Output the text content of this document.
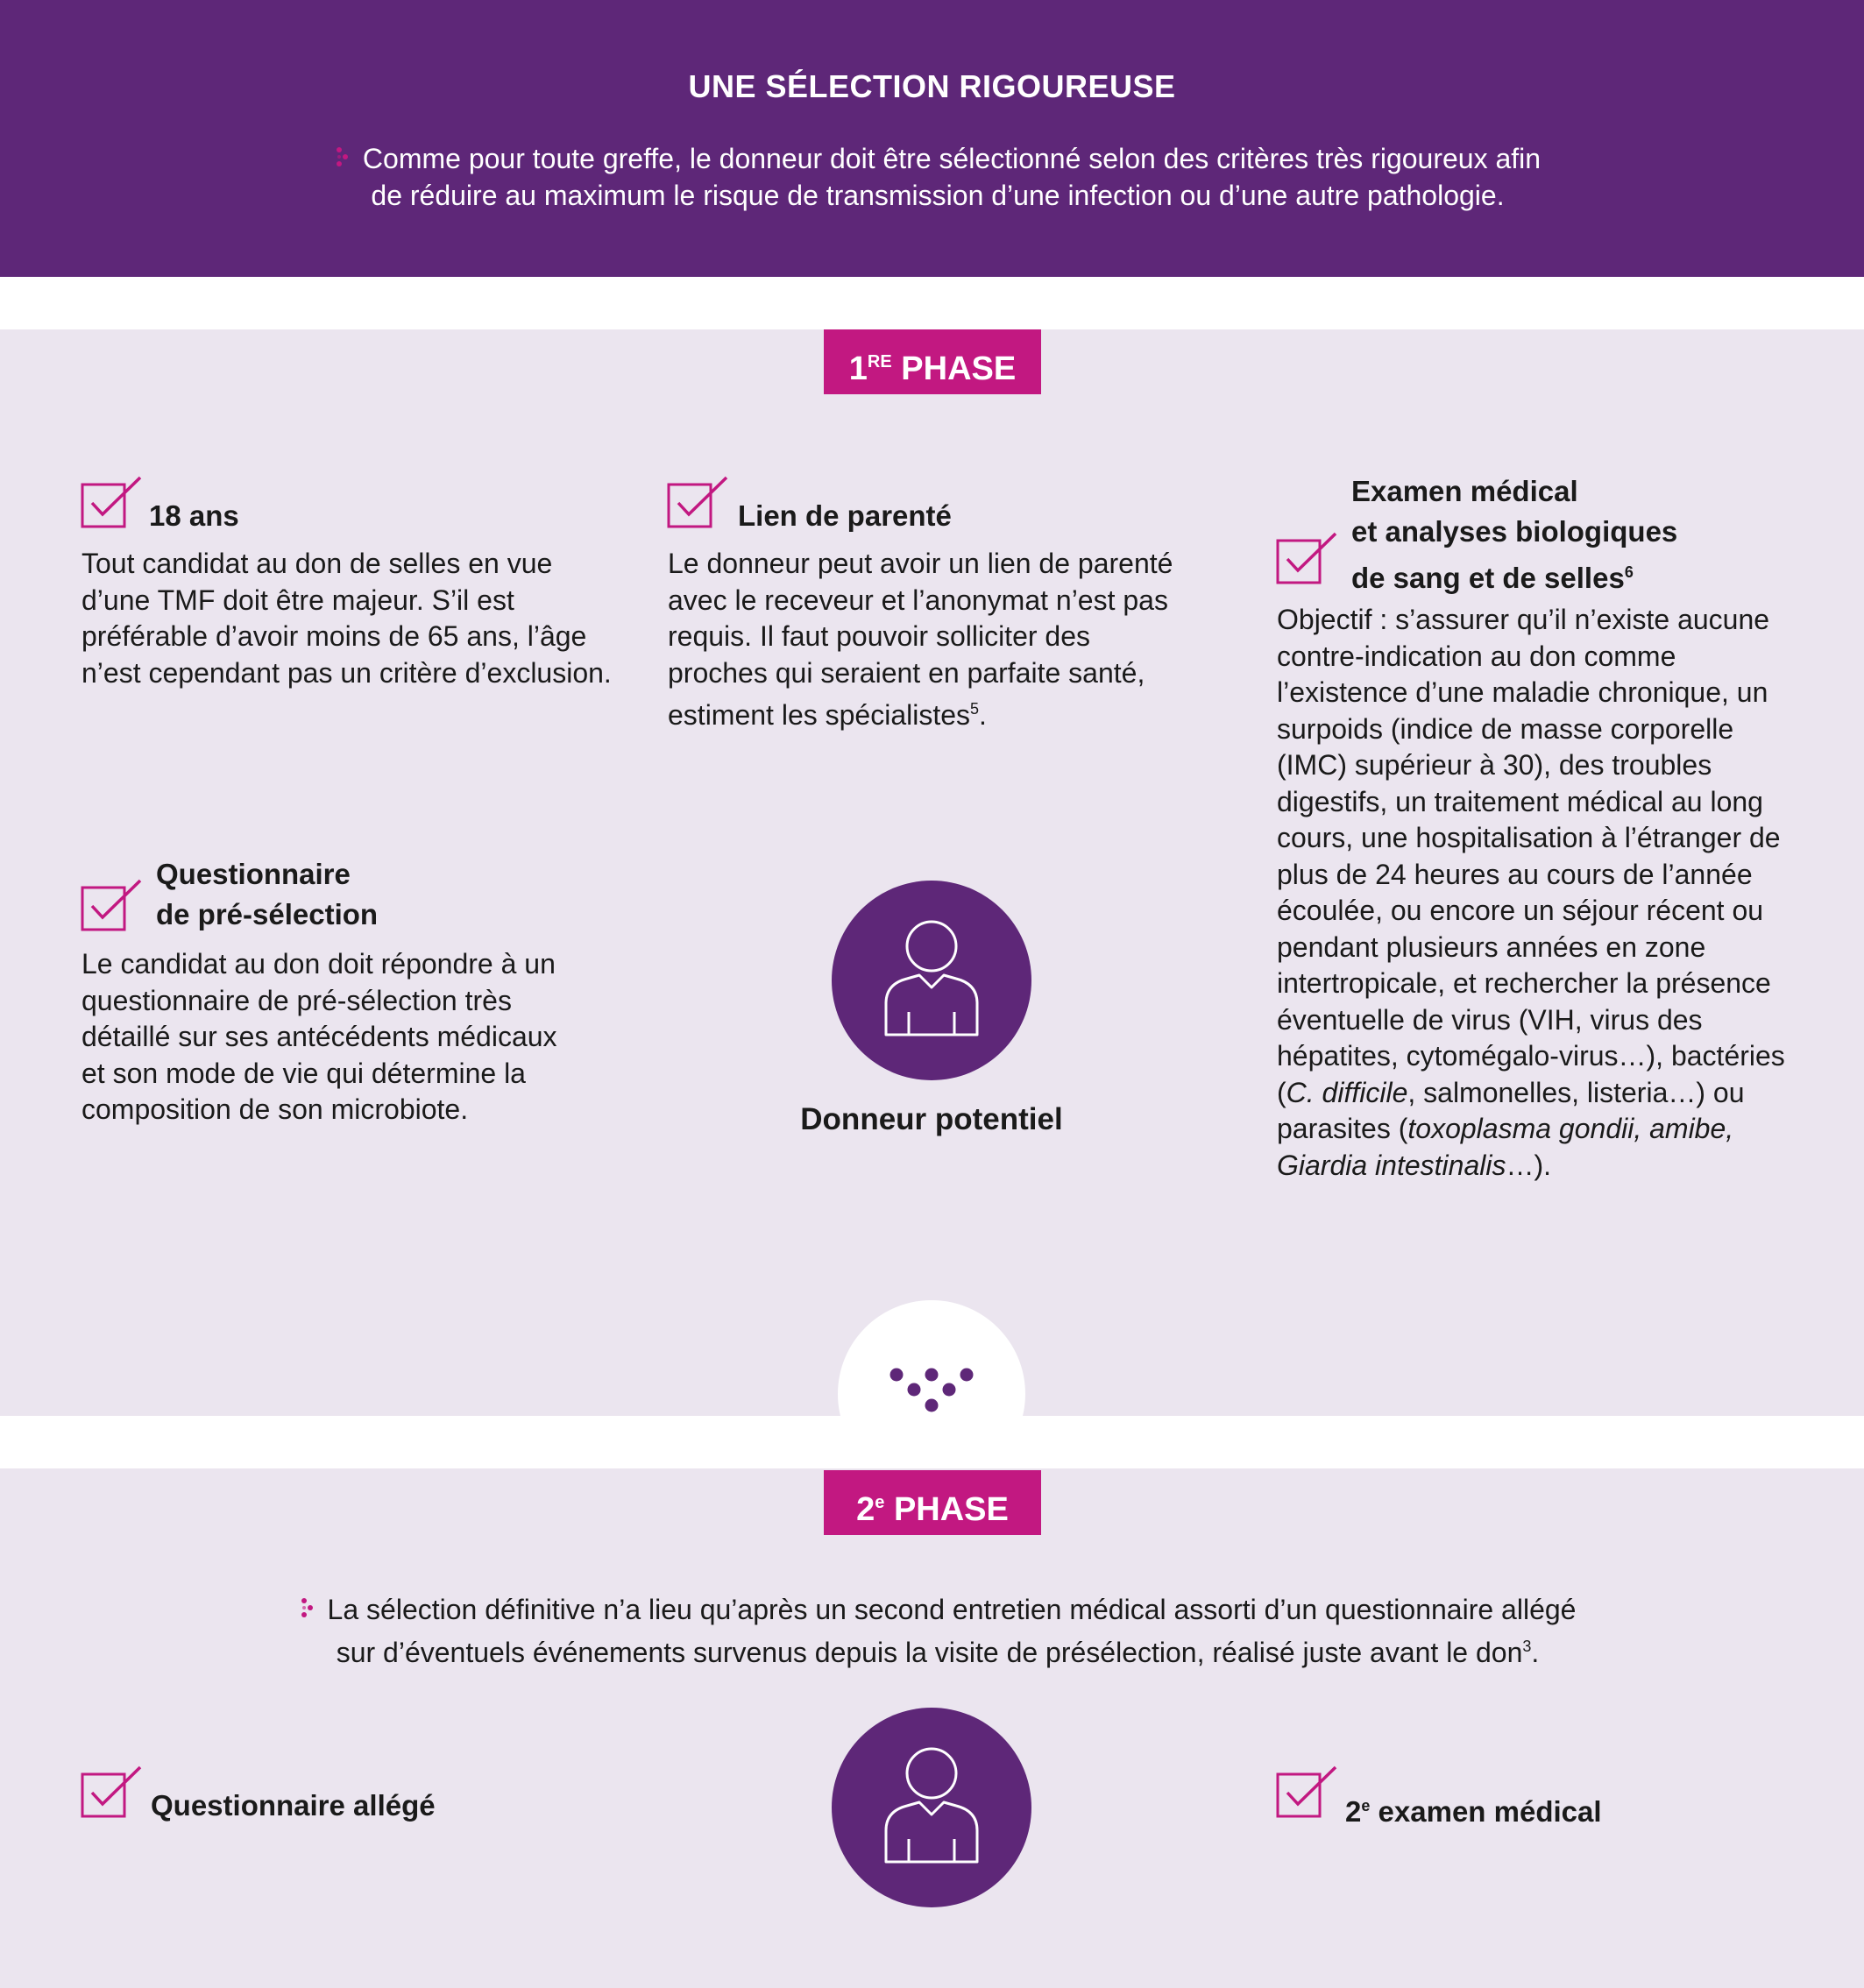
UNE SÉLECTION RIGOUREUSE
Comme pour toute greffe, le donneur doit être sélectionné selon des critères très rigoureux afin
de réduire au maximum le risque de transmission d’une infection ou d’une autre pathologie.
1RE PHASE
18 ans
Tout candidat au don de selles en vue d’une TMF doit être majeur. S’il est préférable d’avoir moins de 65 ans, l’âge n’est cependant pas un critère d’exclusion.
Lien de parenté
Le donneur peut avoir un lien de parenté avec le receveur et l’anonymat n’est pas requis. Il faut pouvoir solliciter des proches qui seraient en parfaite santé, estiment les spécialistes$^5$.
Examen médical
et analyses biologiques
de sang et de selles$^6$
Objectif : s’assurer qu’il n’existe aucune contre-indication au don comme l’existence d’une maladie chronique, un surpoids (indice de masse corporelle (IMC) supérieur à 30), des troubles digestifs, un traitement médical au long cours, une hospitalisation à l’étranger de plus de 24 heures au cours de l’année écoulée, ou encore un séjour récent ou pendant plusieurs années en zone intertropicale, et rechercher la présence éventuelle de virus (VIH, virus des hépatites, cytomégalo-virus…), bactéries (C. difficile, salmonelles, listeria…) ou parasites (toxoplasma gondii, amibe, Giardia intestinalis…).
Questionnaire
de pré-sélection
Le candidat au don doit répondre à un questionnaire de pré-sélection très détaillé sur ses antécédents médicaux et son mode de vie qui détermine la composition de son microbiote.	Donneur potentiel
2e PHASE
La sélection définitive n’a lieu qu’après un second entretien médical assorti d’un questionnaire allégé
sur d’éventuels événements survenus depuis la visite de présélection, réalisé juste avant le don$^3$.
Questionnaire allégé	2e examen médical
